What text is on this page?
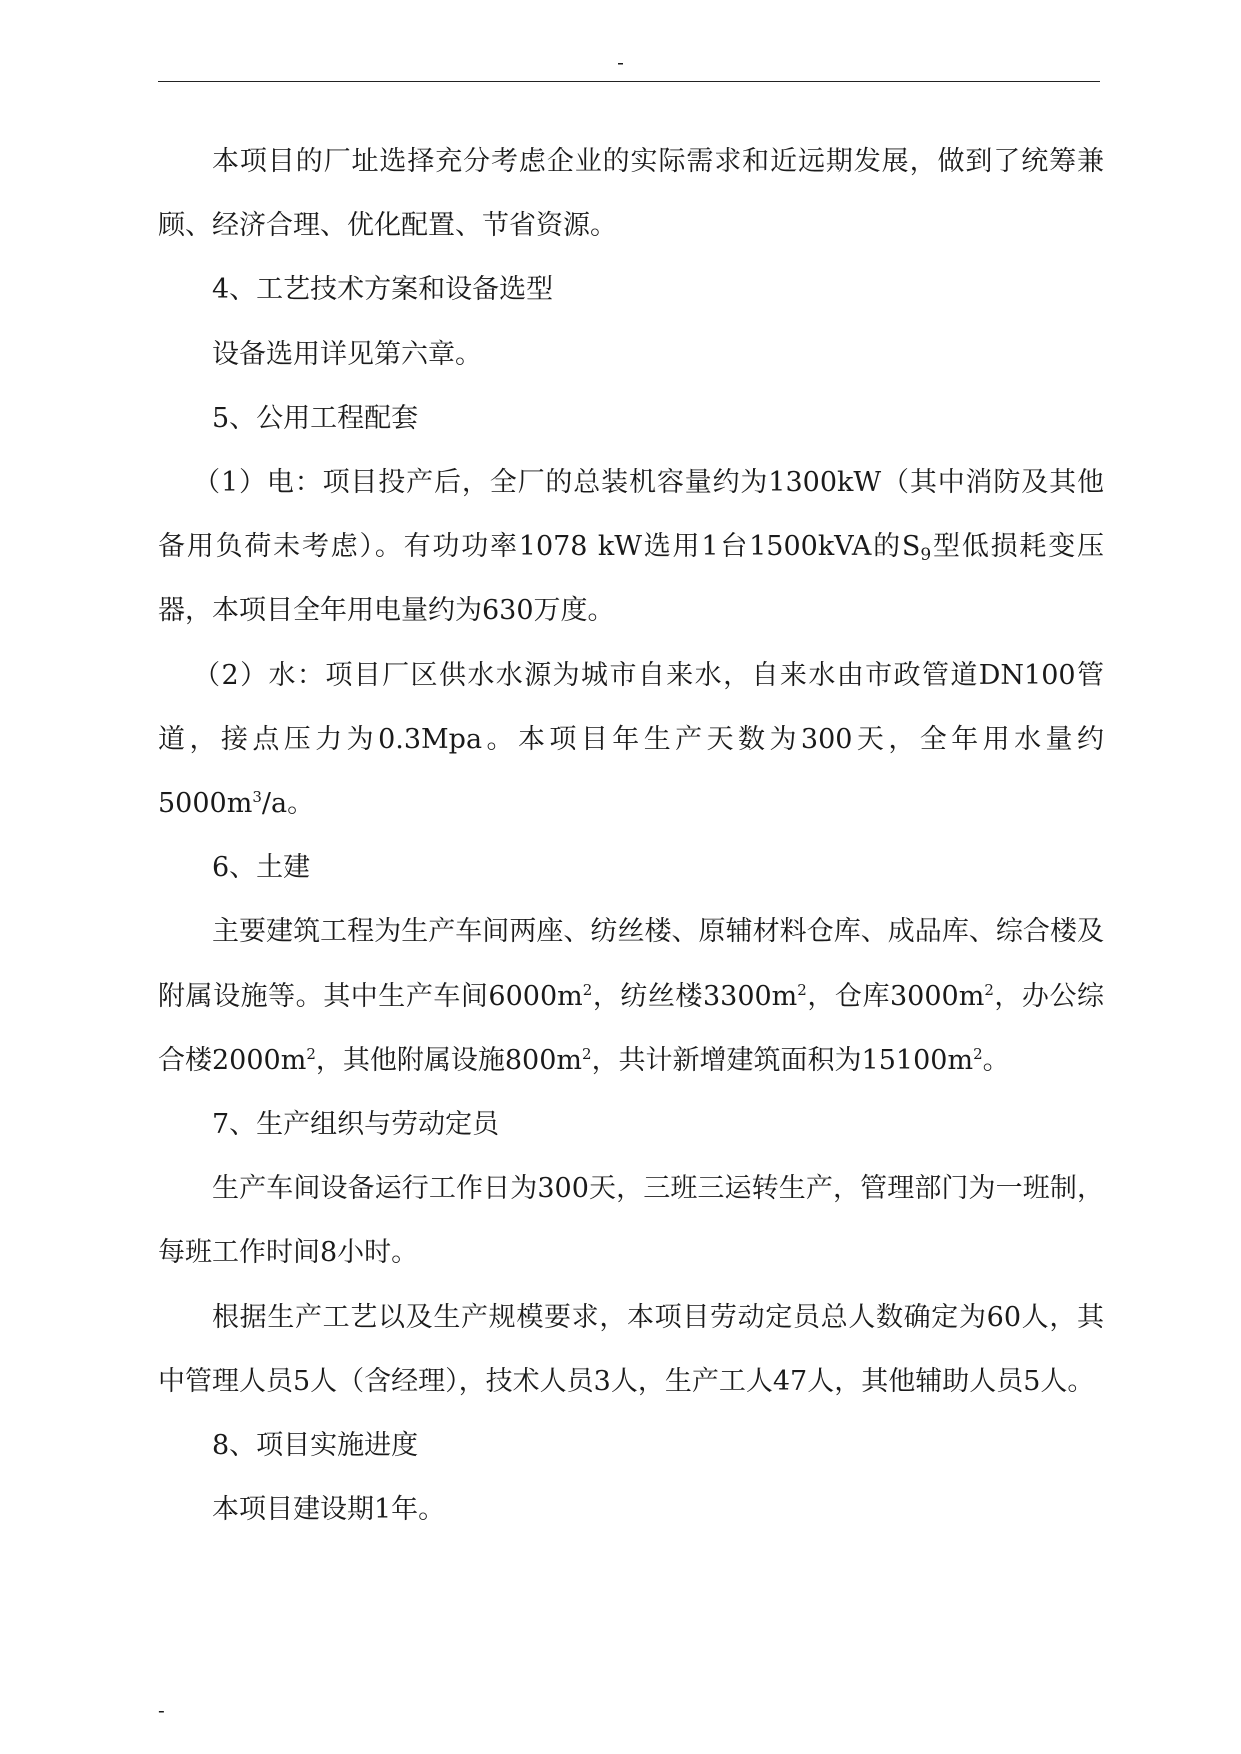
-

本项目的厂址选择充分考虑企业的实际需求和近远期发展，做到了统筹兼顾、经济合理、优化配置、节省资源。

4、工艺技术方案和设备选型

设备选用详见第六章。

5、公用工程配套

（1）电：项目投产后，全厂的总装机容量约为1300kW（其中消防及其他备用负荷未考虑）。有功功率1078 kW选用1台1500kVA的$S_9$型低损耗变压器，本项目全年用电量约为630万度。

（2）水：项目厂区供水水源为城市自来水，自来水由市政管道DN100管道，接点压力为0.3Mpa。本项目年生产天数为300天，全年用水量约$5000m^3/a$。

6、土建

主要建筑工程为生产车间两座、纺丝楼、原辅材料仓库、成品库、综合楼及附属设施等。其中生产车间$6000m^2$，纺丝楼$3300m^2$，仓库$3000m^2$，办公综合楼$2000m^2$，其他附属设施$800m^2$，共计新增建筑面积为$15100m^2$。

7、生产组织与劳动定员

生产车间设备运行工作日为300天，三班三运转生产，管理部门为一班制，每班工作时间8小时。

根据生产工艺以及生产规模要求，本项目劳动定员总人数确定为60人，其中管理人员5人（含经理），技术人员3人，生产工人47人，其他辅助人员5人。

8、项目实施进度

本项目建设期1年。

-
